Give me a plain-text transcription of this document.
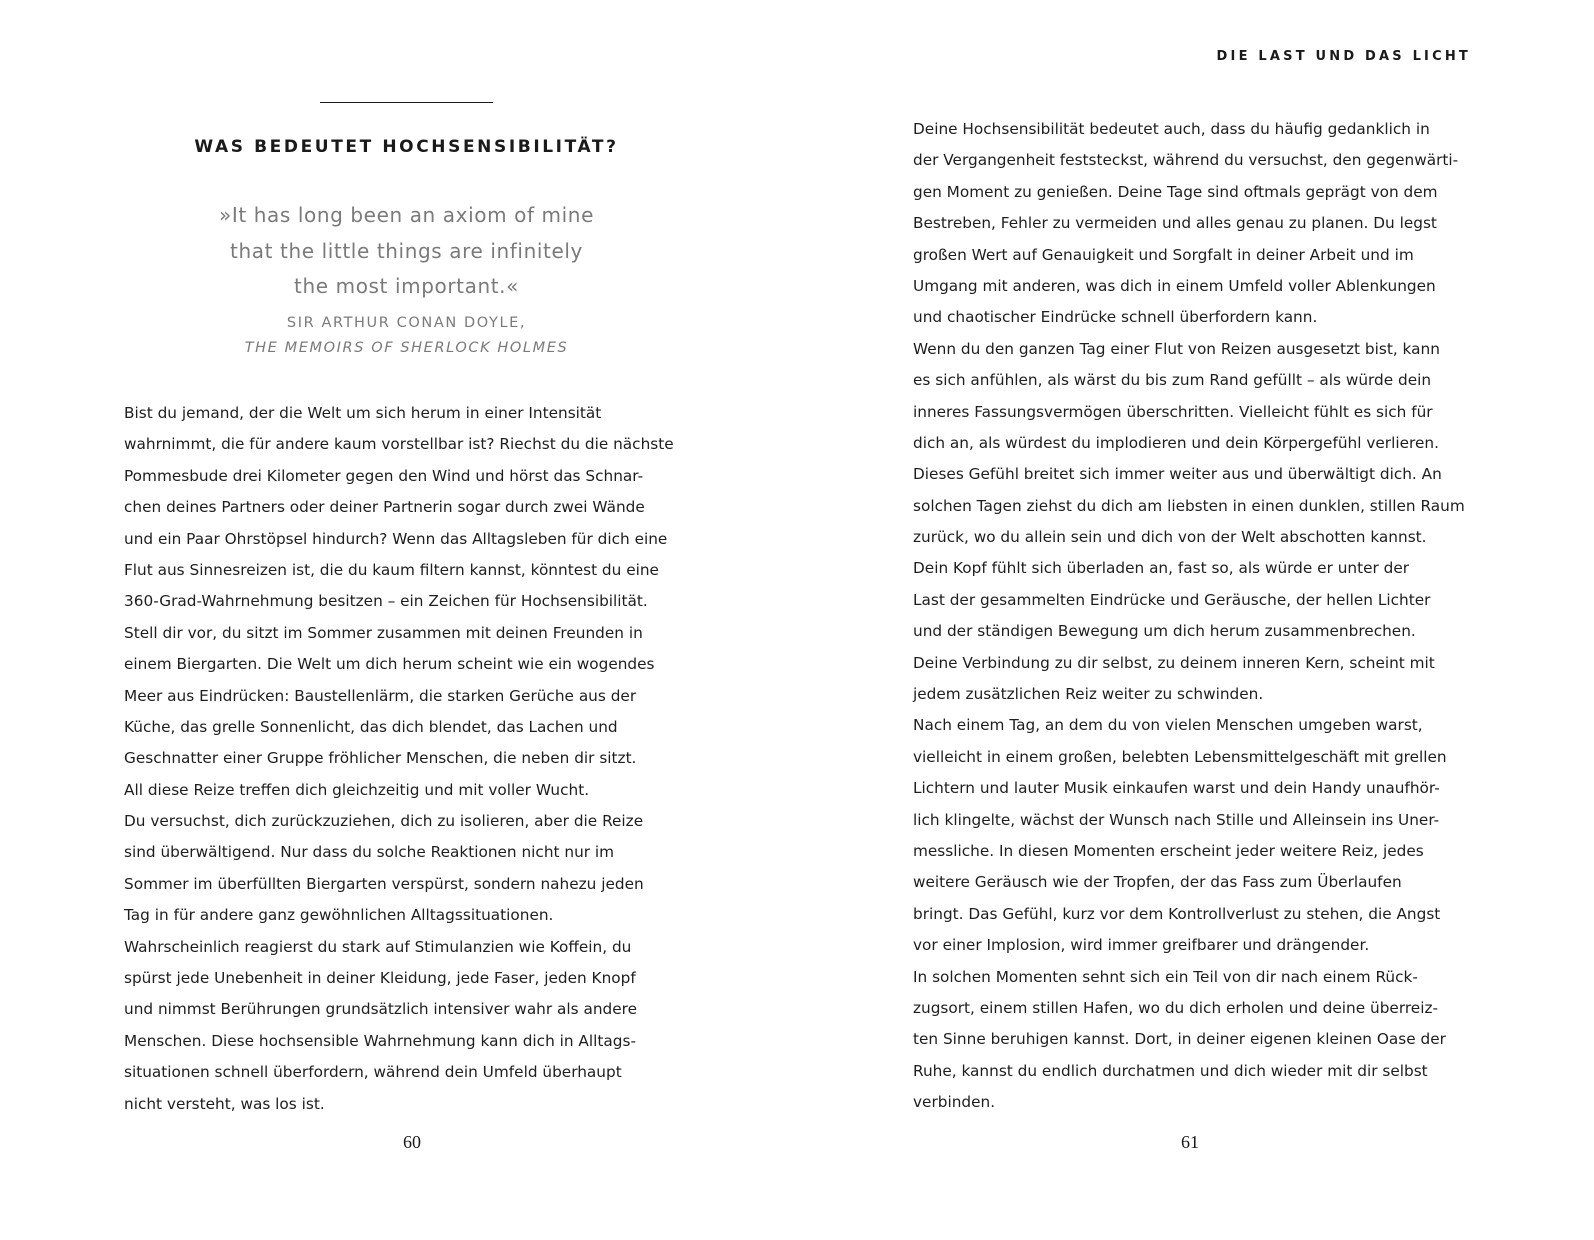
WAS BEDEUTET HOCHSENSIBILITÄT?
»It has long been an axiom of mine
that the little things are infinitely
the most important.«
SIR ARTHUR CONAN DOYLE,
THE MEMOIRS OF SHERLOCK HOLMES
Bist du jemand, der die Welt um sich herum in einer Intensität
wahrnimmt, die für andere kaum vorstellbar ist? Riechst du die nächste
Pommesbude drei Kilometer gegen den Wind und hörst das Schnar-
chen deines Partners oder deiner Partnerin sogar durch zwei Wände
und ein Paar Ohrstöpsel hindurch? Wenn das Alltagsleben für dich eine
Flut aus Sinnesreizen ist, die du kaum filtern kannst, könntest du eine
360-Grad-Wahrnehmung besitzen – ein Zeichen für Hochsensibilität.
Stell dir vor, du sitzt im Sommer zusammen mit deinen Freunden in
einem Biergarten. Die Welt um dich herum scheint wie ein wogendes
Meer aus Eindrücken: Baustellenlärm, die starken Gerüche aus der
Küche, das grelle Sonnenlicht, das dich blendet, das Lachen und
Geschnatter einer Gruppe fröhlicher Menschen, die neben dir sitzt.
All diese Reize treffen dich gleichzeitig und mit voller Wucht.
Du versuchst, dich zurückzuziehen, dich zu isolieren, aber die Reize
sind überwältigend. Nur dass du solche Reaktionen nicht nur im
Sommer im überfüllten Biergarten verspürst, sondern nahezu jeden
Tag in für andere ganz gewöhnlichen Alltagssituationen.
Wahrscheinlich reagierst du stark auf Stimulanzien wie Koffein, du
spürst jede Unebenheit in deiner Kleidung, jede Faser, jeden Knopf
und nimmst Berührungen grundsätzlich intensiver wahr als andere
Menschen. Diese hochsensible Wahrnehmung kann dich in Alltags-
situationen schnell überfordern, während dein Umfeld überhaupt
nicht versteht, was los ist.
60
DIE LAST UND DAS LICHT
Deine Hochsensibilität bedeutet auch, dass du häufig gedanklich in
der Vergangenheit feststeckst, während du versuchst, den gegenwärti-
gen Moment zu genießen. Deine Tage sind oftmals geprägt von dem
Bestreben, Fehler zu vermeiden und alles genau zu planen. Du legst
großen Wert auf Genauigkeit und Sorgfalt in deiner Arbeit und im
Umgang mit anderen, was dich in einem Umfeld voller Ablenkungen
und chaotischer Eindrücke schnell überfordern kann.
Wenn du den ganzen Tag einer Flut von Reizen ausgesetzt bist, kann
es sich anfühlen, als wärst du bis zum Rand gefüllt – als würde dein
inneres Fassungsvermögen überschritten. Vielleicht fühlt es sich für
dich an, als würdest du implodieren und dein Körpergefühl verlieren.
Dieses Gefühl breitet sich immer weiter aus und überwältigt dich. An
solchen Tagen ziehst du dich am liebsten in einen dunklen, stillen Raum
zurück, wo du allein sein und dich von der Welt abschotten kannst.
Dein Kopf fühlt sich überladen an, fast so, als würde er unter der
Last der gesammelten Eindrücke und Geräusche, der hellen Lichter
und der ständigen Bewegung um dich herum zusammenbrechen.
Deine Verbindung zu dir selbst, zu deinem inneren Kern, scheint mit
jedem zusätzlichen Reiz weiter zu schwinden.
Nach einem Tag, an dem du von vielen Menschen umgeben warst,
vielleicht in einem großen, belebten Lebensmittelgeschäft mit grellen
Lichtern und lauter Musik einkaufen warst und dein Handy unaufhör-
lich klingelte, wächst der Wunsch nach Stille und Alleinsein ins Uner-
messliche. In diesen Momenten erscheint jeder weitere Reiz, jedes
weitere Geräusch wie der Tropfen, der das Fass zum Überlaufen
bringt. Das Gefühl, kurz vor dem Kontrollverlust zu stehen, die Angst
vor einer Implosion, wird immer greifbarer und drängender.
In solchen Momenten sehnt sich ein Teil von dir nach einem Rück-
zugsort, einem stillen Hafen, wo du dich erholen und deine überreiz-
ten Sinne beruhigen kannst. Dort, in deiner eigenen kleinen Oase der
Ruhe, kannst du endlich durchatmen und dich wieder mit dir selbst
verbinden.
61
